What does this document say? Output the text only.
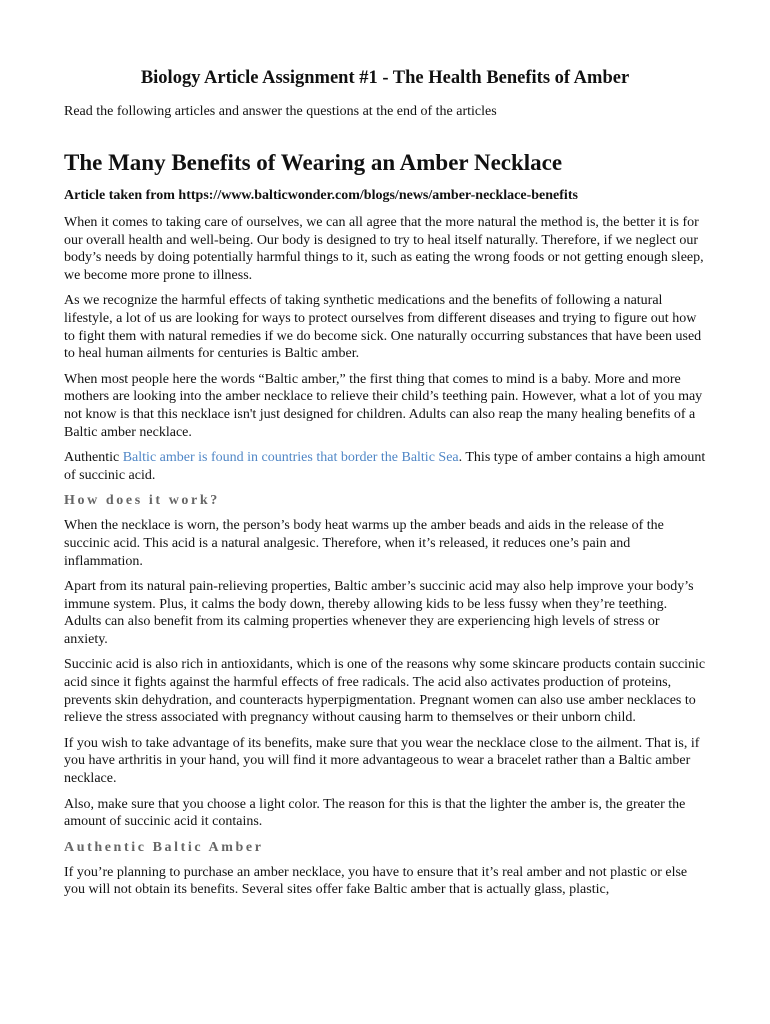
Biology Article Assignment #1 - The Health Benefits of Amber

Read the following articles and answer the questions at the end of the articles

The Many Benefits of Wearing an Amber Necklace

Article taken from https://www.balticwonder.com/blogs/news/amber-necklace-benefits

When it comes to taking care of ourselves, we can all agree that the more natural the method is, the better it is for our overall health and well-being. Our body is designed to try to heal itself naturally. Therefore, if we neglect our body’s needs by doing potentially harmful things to it, such as eating the wrong foods or not getting enough sleep, we become more prone to illness.

As we recognize the harmful effects of taking synthetic medications and the benefits of following a natural lifestyle, a lot of us are looking for ways to protect ourselves from different diseases and trying to figure out how to fight them with natural remedies if we do become sick. One naturally occurring substances that have been used to heal human ailments for centuries is Baltic amber.

When most people here the words “Baltic amber,” the first thing that comes to mind is a baby. More and more mothers are looking into the amber necklace to relieve their child’s teething pain. However, what a lot of you may not know is that this necklace isn't just designed for children. Adults can also reap the many healing benefits of a Baltic amber necklace.

Authentic Baltic amber is found in countries that border the Baltic Sea. This type of amber contains a high amount of succinic acid.

How does it work?

When the necklace is worn, the person’s body heat warms up the amber beads and aids in the release of the succinic acid. This acid is a natural analgesic. Therefore, when it’s released, it reduces one’s pain and inflammation.

Apart from its natural pain-relieving properties, Baltic amber’s succinic acid may also help improve your body’s immune system. Plus, it calms the body down, thereby allowing kids to be less fussy when they’re teething. Adults can also benefit from its calming properties whenever they are experiencing high levels of stress or anxiety.

Succinic acid is also rich in antioxidants, which is one of the reasons why some skincare products contain succinic acid since it fights against the harmful effects of free radicals. The acid also activates production of proteins, prevents skin dehydration, and counteracts hyperpigmentation. Pregnant women can also use amber necklaces to relieve the stress associated with pregnancy without causing harm to themselves or their unborn child.

If you wish to take advantage of its benefits, make sure that you wear the necklace close to the ailment. That is, if you have arthritis in your hand, you will find it more advantageous to wear a bracelet rather than a Baltic amber necklace.

Also, make sure that you choose a light color. The reason for this is that the lighter the amber is, the greater the amount of succinic acid it contains.

Authentic Baltic Amber

If you’re planning to purchase an amber necklace, you have to ensure that it’s real amber and not plastic or else you will not obtain its benefits. Several sites offer fake Baltic amber that is actually glass, plastic,
